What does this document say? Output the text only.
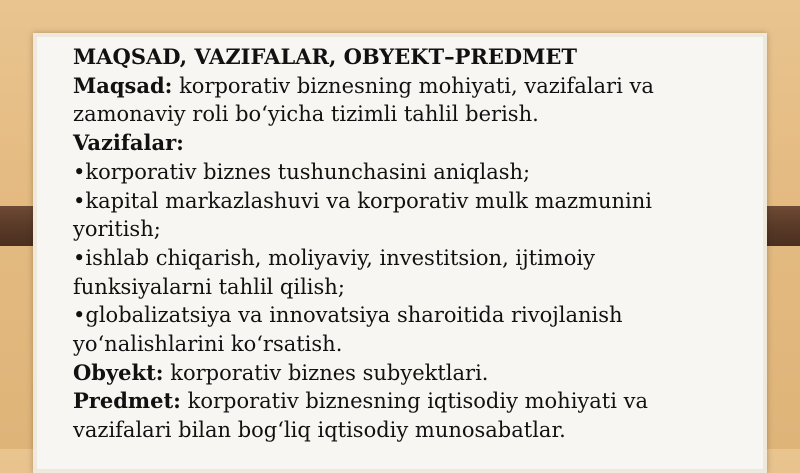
MAQSAD, VAZIFALAR, OBYEKT–PREDMET
Maqsad: korporativ biznesning mohiyati, vazifalari va
zamonaviy roli bo‘yicha tizimli tahlil berish.
Vazifalar:
•korporativ biznes tushunchasini aniqlash;
•kapital markazlashuvi va korporativ mulk mazmunini
yoritish;
•ishlab chiqarish, moliyaviy, investitsion, ijtimoiy
funksiyalarni tahlil qilish;
•globalizatsiya va innovatsiya sharoitida rivojlanish
yo‘nalishlarini ko‘rsatish.
Obyekt: korporativ biznes subyektlari.
Predmet: korporativ biznesning iqtisodiy mohiyati va
vazifalari bilan bog‘liq iqtisodiy munosabatlar.
